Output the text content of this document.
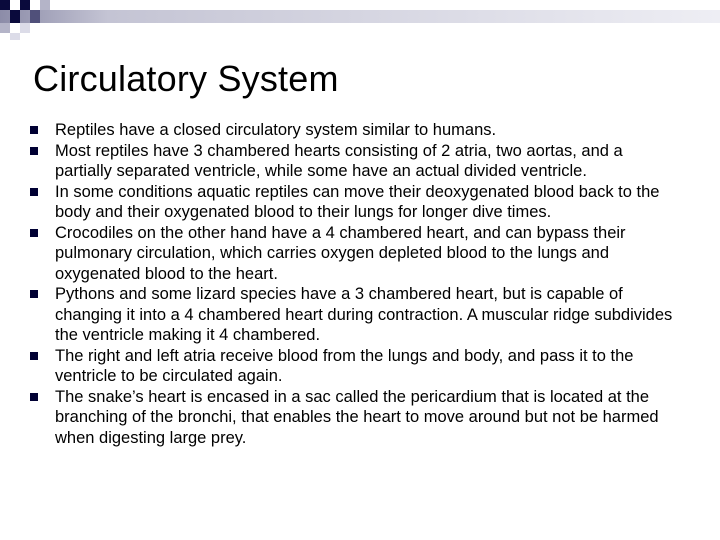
Circulatory System
Reptiles have a closed circulatory system similar to humans.
Most reptiles have 3 chambered hearts consisting of 2 atria, two aortas, and a partially separated ventricle, while some have an actual divided ventricle.
In some conditions aquatic reptiles can move their deoxygenated blood back to the body and their oxygenated blood to their lungs for longer dive times.
Crocodiles on the other hand have a 4 chambered heart, and can bypass their pulmonary circulation, which carries oxygen depleted blood to the lungs and oxygenated blood to the heart.
Pythons and some lizard species have a 3 chambered heart, but is capable of changing it into a 4 chambered heart during contraction. A muscular ridge subdivides the ventricle making it 4 chambered.
The right and left atria receive blood from the lungs and body, and pass it to the ventricle to be circulated again.
The snake’s heart is encased in a sac called the pericardium that is located at the branching of the bronchi, that enables the heart to move around but not be harmed when digesting large prey.
